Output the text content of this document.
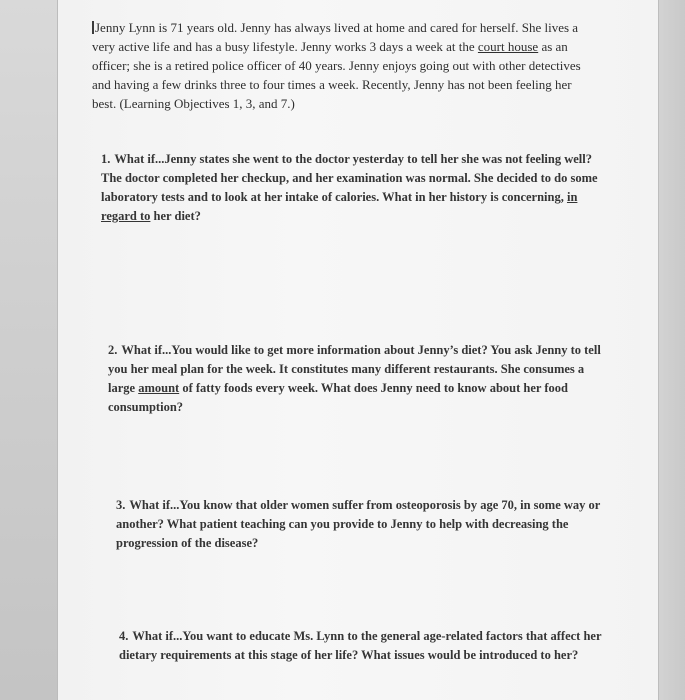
Jenny Lynn is 71 years old. Jenny has always lived at home and cared for herself. She lives a very active life and has a busy lifestyle. Jenny works 3 days a week at the court house as an officer; she is a retired police officer of 40 years. Jenny enjoys going out with other detectives and having a few drinks three to four times a week. Recently, Jenny has not been feeling her best. (Learning Objectives 1, 3, and 7.)
1. What if...Jenny states she went to the doctor yesterday to tell her she was not feeling well? The doctor completed her checkup, and her examination was normal. She decided to do some laboratory tests and to look at her intake of calories. What in her history is concerning, in regard to her diet?
2. What if...You would like to get more information about Jenny’s diet? You ask Jenny to tell you her meal plan for the week. It constitutes many different restaurants. She consumes a large amount of fatty foods every week. What does Jenny need to know about her food consumption?
3. What if...You know that older women suffer from osteoporosis by age 70, in some way or another? What patient teaching can you provide to Jenny to help with decreasing the progression of the disease?
4. What if...You want to educate Ms. Lynn to the general age-related factors that affect her dietary requirements at this stage of her life? What issues would be introduced to her?
